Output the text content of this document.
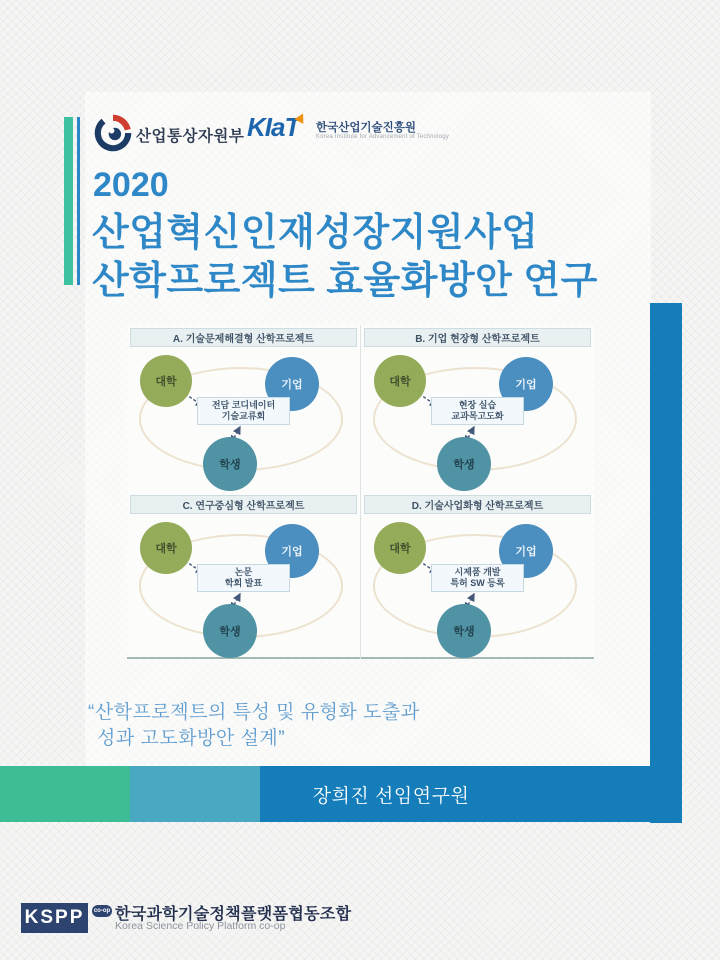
산업통상자원부 KIaT	한국산업기술진흥원
Korea Institute for Advancement of Technology
2020
산업혁신인재성장지원사업
산학프로젝트 효율화방안 연구
A. 기술문제해결형 산학프로젝트
대학	기업
학생
전담 코디네이터
기술교류회
B. 기업 현장형 산학프로젝트
대학	기업
학생
현장 실습
교과목고도화
C. 연구중심형 산학프로젝트
대학	기업
학생
논문
학회 발표
D. 기술사업화형 산학프로젝트
대학	기업
학생
시제품 개발
특허 SW 등록
“산학프로젝트의 특성 및 유형화 도출과
성과 고도화방안 설계”
장희진 선임연구원
KSPP	co-op 한국과학기술정책플랫폼협동조합
Korea Science Policy Platform co-op
